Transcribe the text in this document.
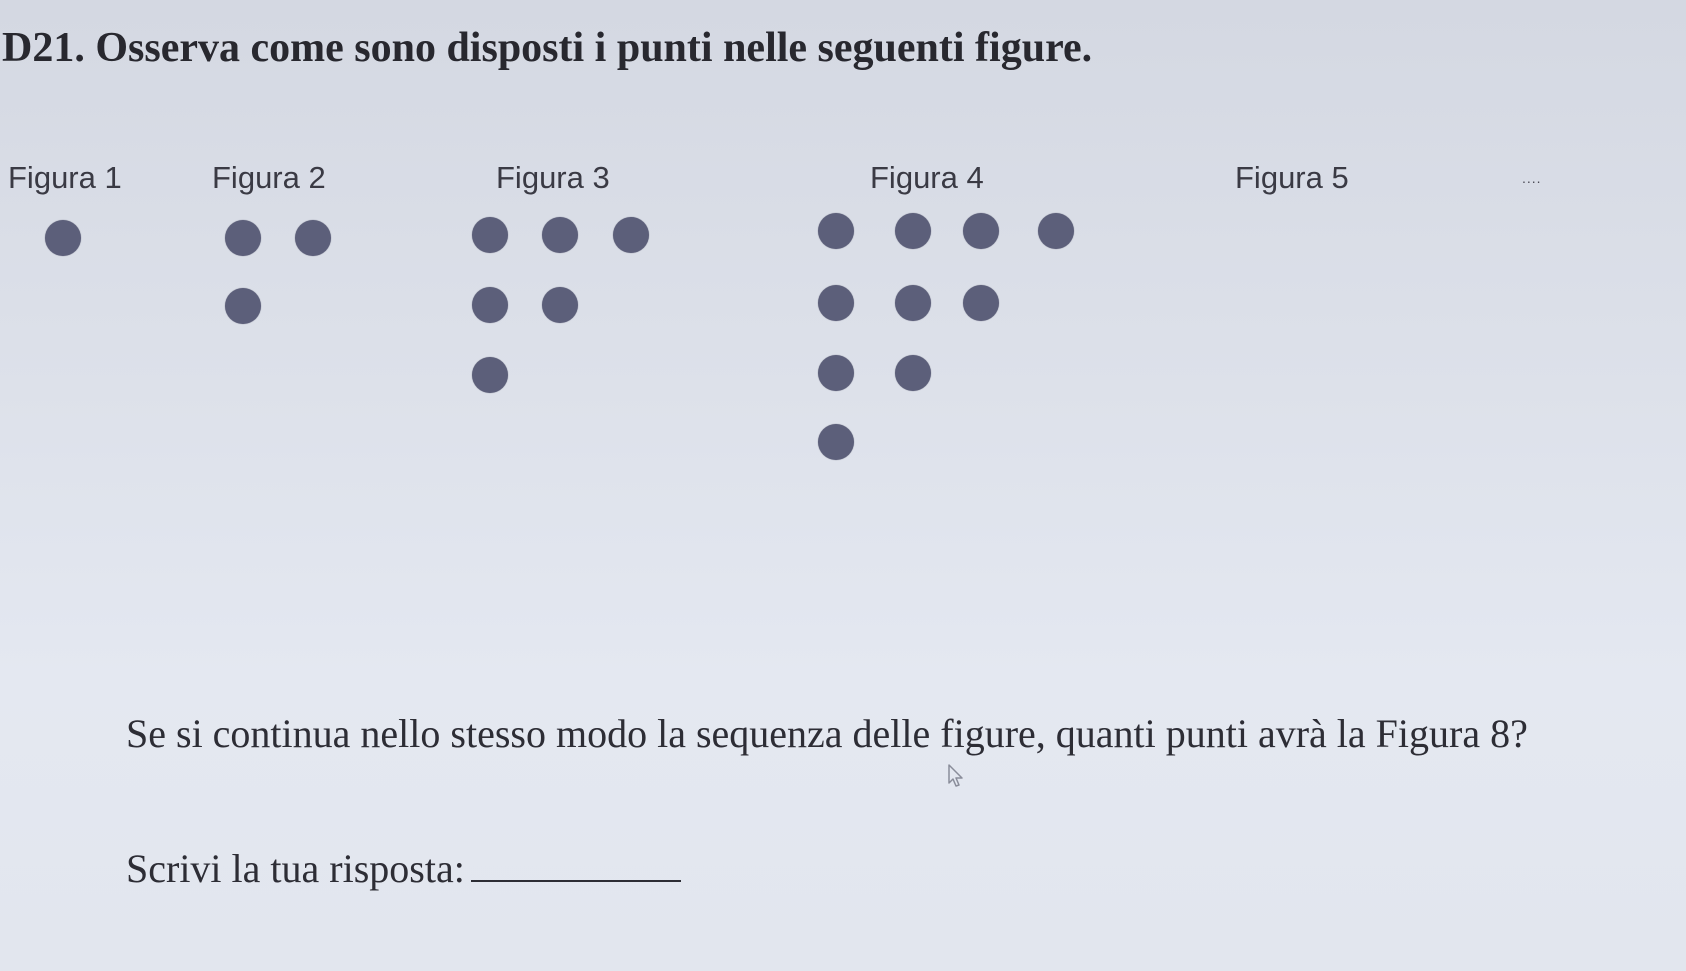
D21. Osserva come sono disposti i punti nelle seguenti figure.
Figura 1	Figura 2	Figura 3	Figura 4	Figura 5	....
Se si continua nello stesso modo la sequenza delle figure, quanti punti avrà la Figura 8?
Scrivi la tua risposta:
